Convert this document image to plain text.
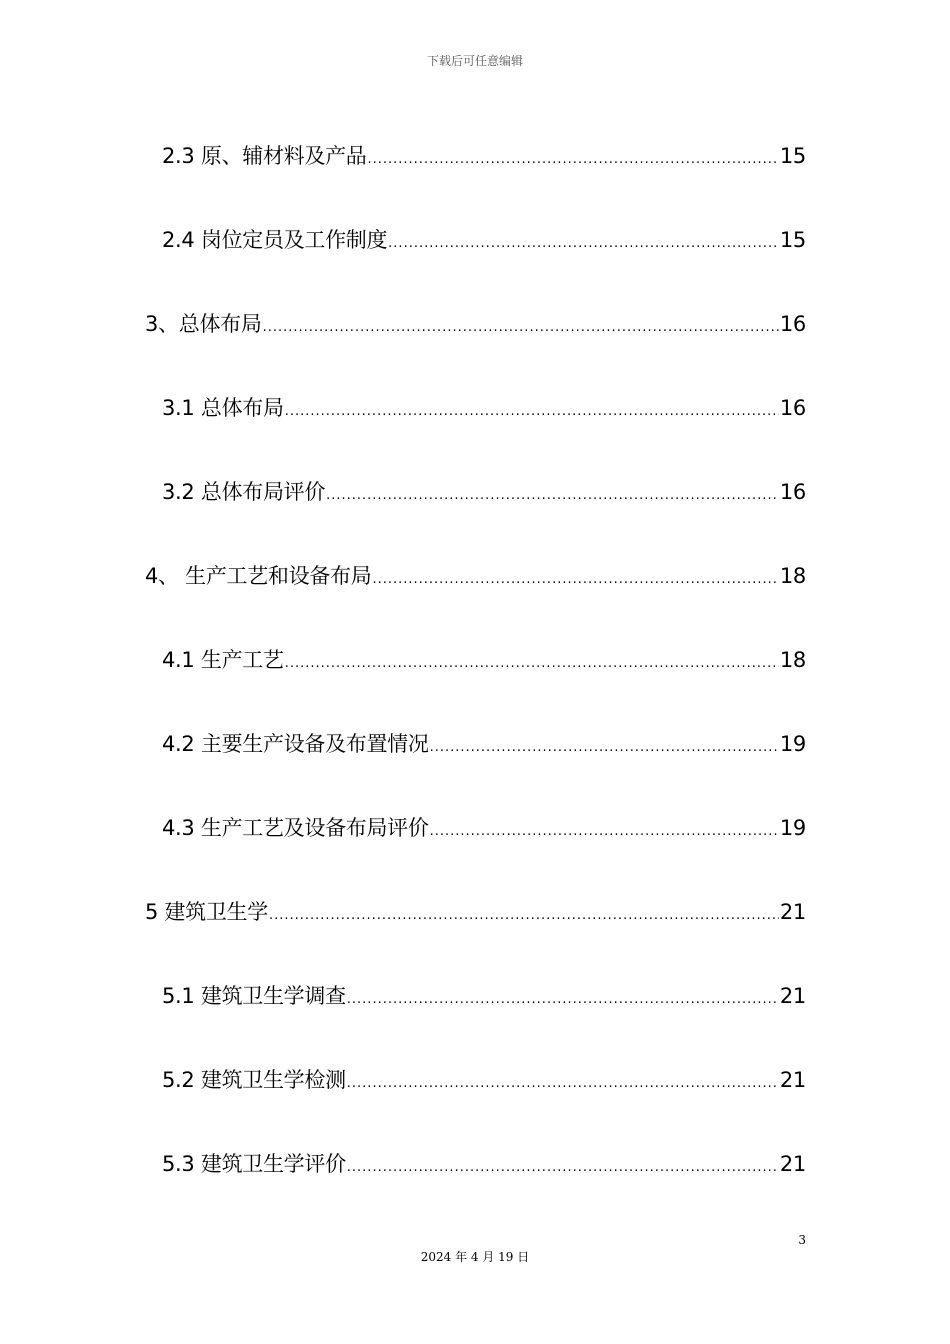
下载后可任意编辑
2.3 原、辅材料及产品 .....	15
2.4 岗位定员及工作制度 .....	15
3、总体布局 .....	16
3.1 总体布局 .....	16
3.2 总体布局评价 .....	16
4、 生产工艺和设备布局 .....	18
4.1 生产工艺 .....	18
4.2 主要生产设备及布置情况 .....	19
4.3 生产工艺及设备布局评价 .....	19
5 建筑卫生学 .....	21
5.1 建筑卫生学调查 .....	21
5.2 建筑卫生学检测 .....	21
5.3 建筑卫生学评价 .....	21
3
2024 年 4 月 19 日
